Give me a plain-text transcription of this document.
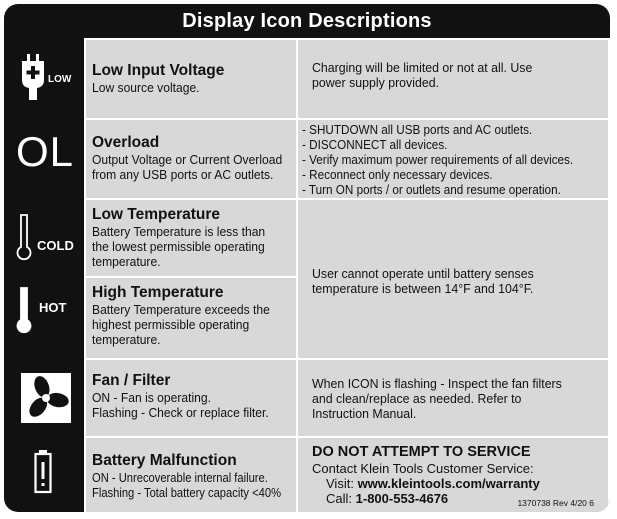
Display Icon Descriptions
LOW
OL
COLD
HOT
Low Input Voltage
Low source voltage.
Charging will be limited or not at all. Use
power supply provided.
Overload
Output Voltage or Current Overload
from any USB ports or AC outlets.
- SHUTDOWN all USB ports and AC outlets.
- DISCONNECT all devices.
- Verify maximum power requirements of all devices.
- Reconnect only necessary devices.
- Turn ON ports / or outlets and resume operation.
Low Temperature
Battery Temperature is less than
the lowest permissible operating
temperature.
High Temperature
Battery Temperature exceeds the
highest permissible operating
temperature.
User cannot operate until battery senses
temperature is between 14°F and 104°F.
Fan / Filter
ON - Fan is operating.
Flashing - Check or replace filter.
When ICON is flashing - Inspect the fan filters
and clean/replace as needed. Refer to
Instruction Manual.
Battery Malfunction
ON - Unrecoverable internal failure.
Flashing - Total battery capacity <40%
DO NOT ATTEMPT TO SERVICE
Contact Klein Tools Customer Service:
Visit: www.kleintools.com/warranty
Call: 1-800-553-4676	1370738 Rev 4/20 6
